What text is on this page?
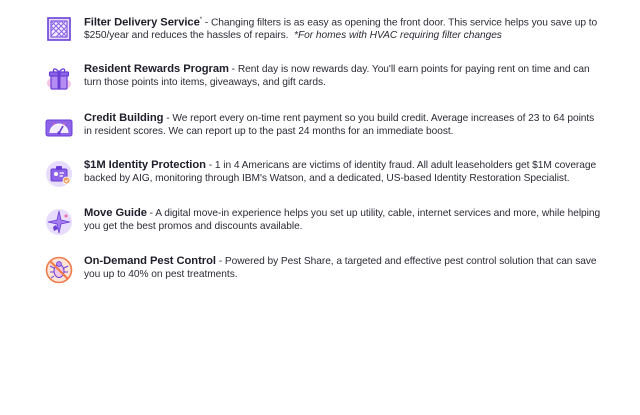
Filter Delivery Service* - Changing filters is as easy as opening the front door. This service helps you save up to $250/year and reduces the hassles of repairs. *For homes with HVAC requiring filter changes
Resident Rewards Program - Rent day is now rewards day. You'll earn points for paying rent on time and can turn those points into items, giveaways, and gift cards.
Credit Building - We report every on-time rent payment so you build credit. Average increases of 23 to 64 points in resident scores. We can report up to the past 24 months for an immediate boost.
$1M Identity Protection - 1 in 4 Americans are victims of identity fraud. All adult leaseholders get $1M coverage backed by AIG, monitoring through IBM's Watson, and a dedicated, US-based Identity Restoration Specialist.
Move Guide - A digital move-in experience helps you set up utility, cable, internet services and more, while helping you get the best promos and discounts available.
On-Demand Pest Control - Powered by Pest Share, a targeted and effective pest control solution that can save you up to 40% on pest treatments.
